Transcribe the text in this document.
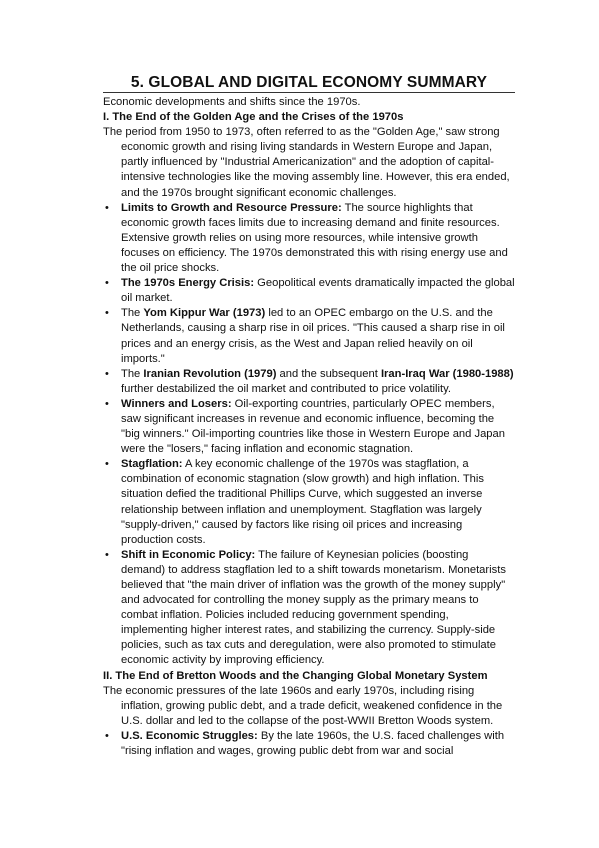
5. GLOBAL AND DIGITAL ECONOMY SUMMARY

Economic developments and shifts since the 1970s.

I. The End of the Golden Age and the Crises of the 1970s

The period from 1950 to 1973, often referred to as the "Golden Age," saw strong economic growth and rising living standards in Western Europe and Japan, partly influenced by "Industrial Americanization" and the adoption of capital-intensive technologies like the moving assembly line. However, this era ended, and the 1970s brought significant economic challenges.

•	Limits to Growth and Resource Pressure: The source highlights that economic growth faces limits due to increasing demand and finite resources. Extensive growth relies on using more resources, while intensive growth focuses on efficiency. The 1970s demonstrated this with rising energy use and the oil price shocks.
•	The 1970s Energy Crisis: Geopolitical events dramatically impacted the global oil market.
•	The Yom Kippur War (1973) led to an OPEC embargo on the U.S. and the Netherlands, causing a sharp rise in oil prices. "This caused a sharp rise in oil prices and an energy crisis, as the West and Japan relied heavily on oil imports."
•	The Iranian Revolution (1979) and the subsequent Iran-Iraq War (1980-1988) further destabilized the oil market and contributed to price volatility.
•	Winners and Losers: Oil-exporting countries, particularly OPEC members, saw significant increases in revenue and economic influence, becoming the "big winners." Oil-importing countries like those in Western Europe and Japan were the "losers," facing inflation and economic stagnation.
•	Stagflation: A key economic challenge of the 1970s was stagflation, a combination of economic stagnation (slow growth) and high inflation. This situation defied the traditional Phillips Curve, which suggested an inverse relationship between inflation and unemployment. Stagflation was largely "supply-driven," caused by factors like rising oil prices and increasing production costs.
•	Shift in Economic Policy: The failure of Keynesian policies (boosting demand) to address stagflation led to a shift towards monetarism. Monetarists believed that "the main driver of inflation was the growth of the money supply" and advocated for controlling the money supply as the primary means to combat inflation. Policies included reducing government spending, implementing higher interest rates, and stabilizing the currency. Supply-side policies, such as tax cuts and deregulation, were also promoted to stimulate economic activity by improving efficiency.

II. The End of Bretton Woods and the Changing Global Monetary System

The economic pressures of the late 1960s and early 1970s, including rising inflation, growing public debt, and a trade deficit, weakened confidence in the U.S. dollar and led to the collapse of the post-WWII Bretton Woods system.

•	U.S. Economic Struggles: By the late 1960s, the U.S. faced challenges with "rising inflation and wages, growing public debt from war and social
